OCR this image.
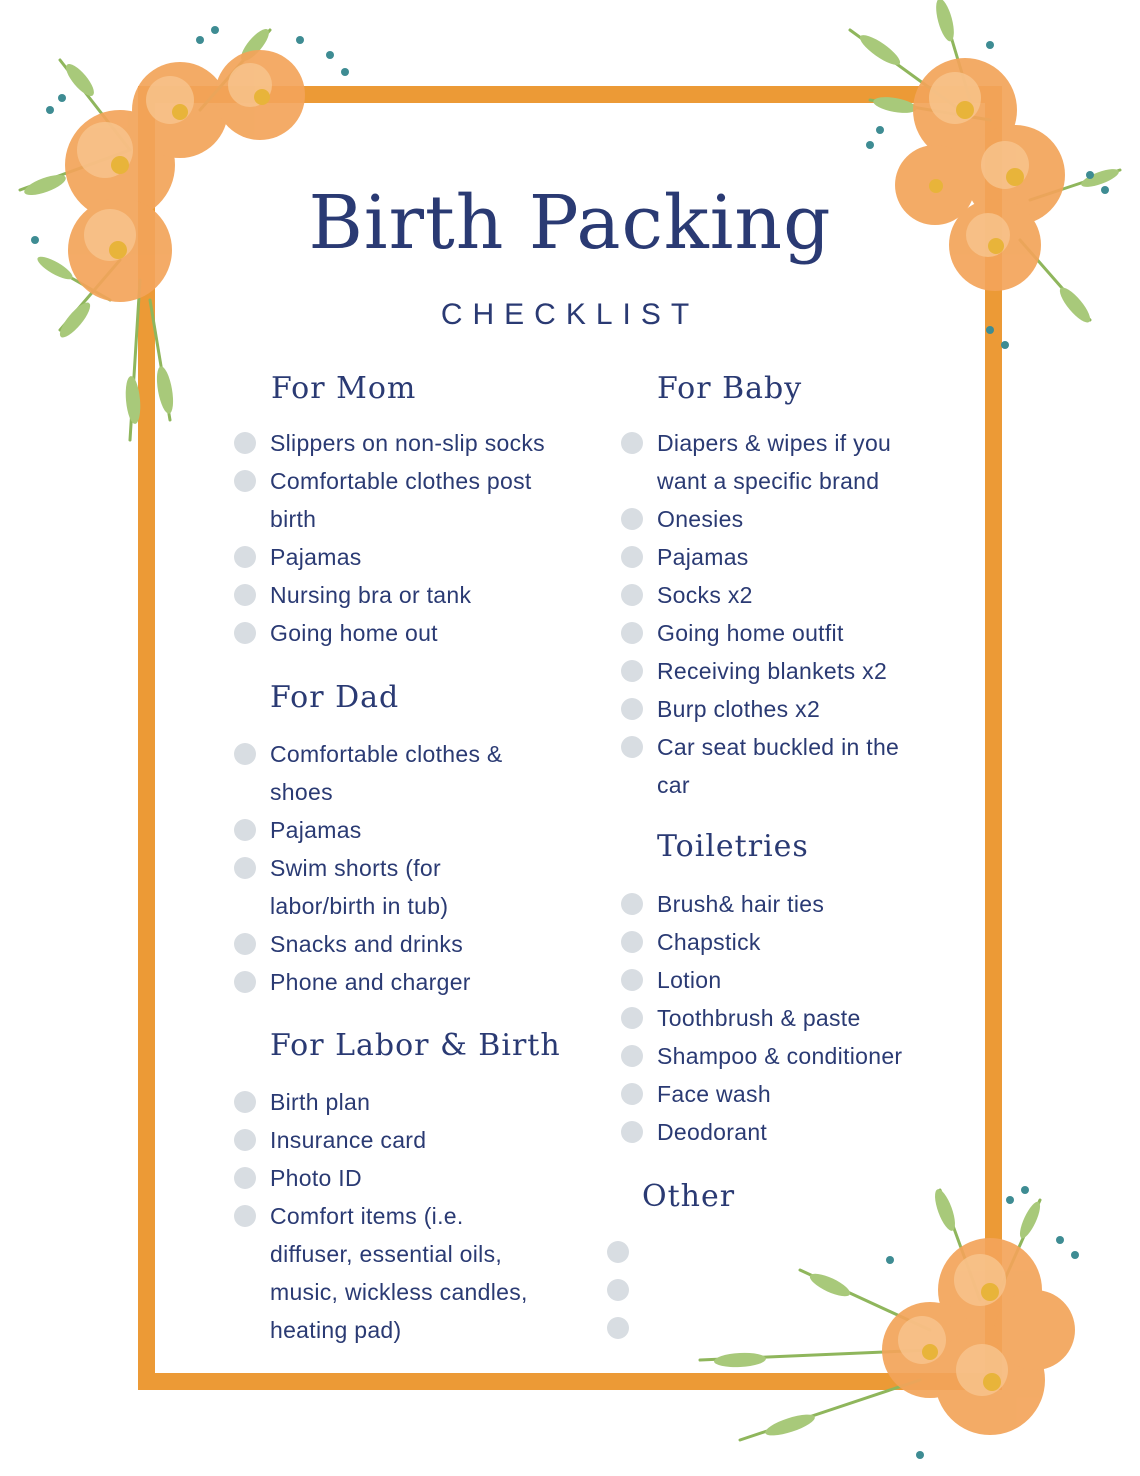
Birth Packing
CHECKLIST
For Mom
For Dad
For Labor & Birth
For Baby
Toiletries
Other
Slippers on non-slip socks
Comfortable clothes post
birth
Pajamas
Nursing bra or tank
Going home out
Comfortable clothes &
shoes
Pajamas
Swim shorts (for
labor/birth in tub)
Snacks and drinks
Phone and charger
Birth plan
Insurance card
Photo ID
Comfort items (i.e.
diffuser, essential oils,
music, wickless candles,
heating pad)
Diapers & wipes if you
want a specific brand
Onesies
Pajamas
Socks x2
Going home outfit
Receiving blankets x2
Burp clothes x2
Car seat buckled in the
car
Brush& hair ties
Chapstick
Lotion
Toothbrush & paste
Shampoo & conditioner
Face wash
Deodorant
